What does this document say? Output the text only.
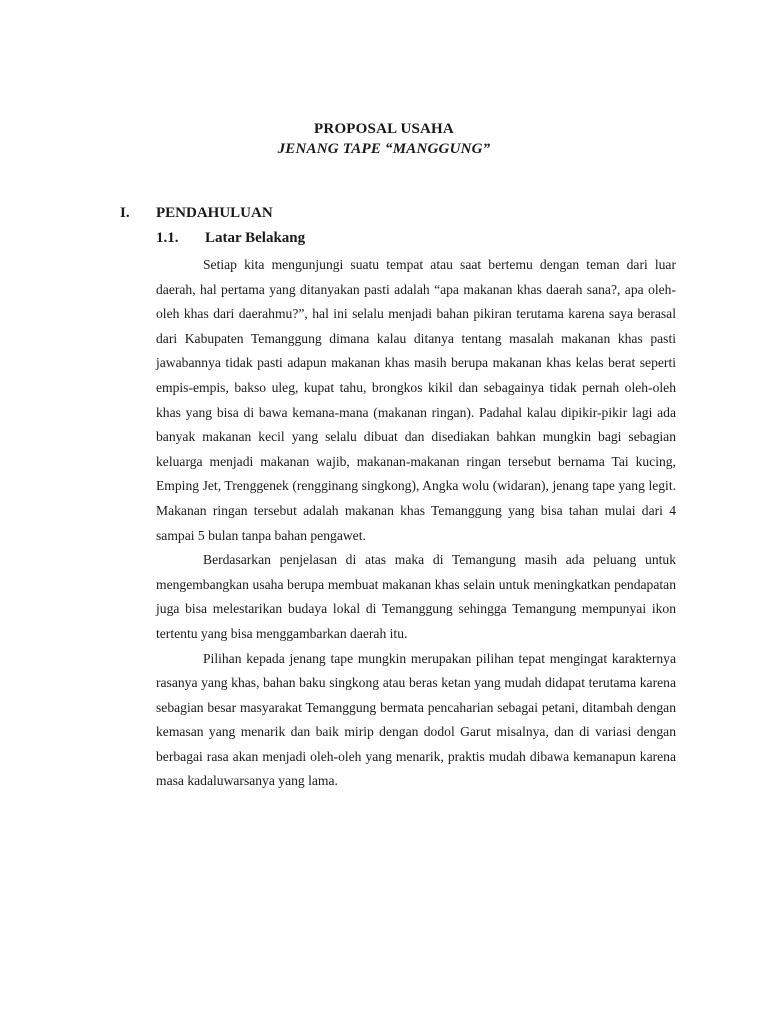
PROPOSAL USAHA
JENANG TAPE “MANGGUNG”
I. PENDAHULUAN
1.1. Latar Belakang

Setiap kita mengunjungi suatu tempat atau saat bertemu dengan teman dari luar daerah, hal pertama yang ditanyakan pasti adalah “apa makanan khas daerah sana?, apa oleh-oleh khas dari daerahmu?”, hal ini selalu menjadi bahan pikiran terutama karena saya berasal dari Kabupaten Temanggung dimana kalau ditanya tentang masalah makanan khas pasti jawabannya tidak pasti adapun makanan khas masih berupa makanan khas kelas berat seperti empis-empis, bakso uleg, kupat tahu, brongkos kikil dan sebagainya tidak pernah oleh-oleh khas yang bisa di bawa kemana-mana (makanan ringan). Padahal kalau dipikir-pikir lagi ada banyak makanan kecil yang selalu dibuat dan disediakan bahkan mungkin bagi sebagian keluarga menjadi makanan wajib, makanan-makanan ringan tersebut bernama Tai kucing, Emping Jet, Trenggenek (rengginang singkong), Angka wolu (widaran), jenang tape yang legit. Makanan ringan tersebut adalah makanan khas Temanggung yang bisa tahan mulai dari 4 sampai 5 bulan tanpa bahan pengawet.

Berdasarkan penjelasan di atas maka di Temangung masih ada peluang untuk mengembangkan usaha berupa membuat makanan khas selain untuk meningkatkan pendapatan juga bisa melestarikan budaya lokal di Temanggung sehingga Temangung mempunyai ikon tertentu yang bisa menggambarkan daerah itu.

Pilihan kepada jenang tape mungkin merupakan pilihan tepat mengingat karakternya rasanya yang khas, bahan baku singkong atau beras ketan yang mudah didapat terutama karena sebagian besar masyarakat Temanggung bermata pencaharian sebagai petani, ditambah dengan kemasan yang menarik dan baik mirip dengan dodol Garut misalnya, dan di variasi dengan berbagai rasa akan menjadi oleh-oleh yang menarik, praktis mudah dibawa kemanapun karena masa kadaluwarsanya yang lama.
